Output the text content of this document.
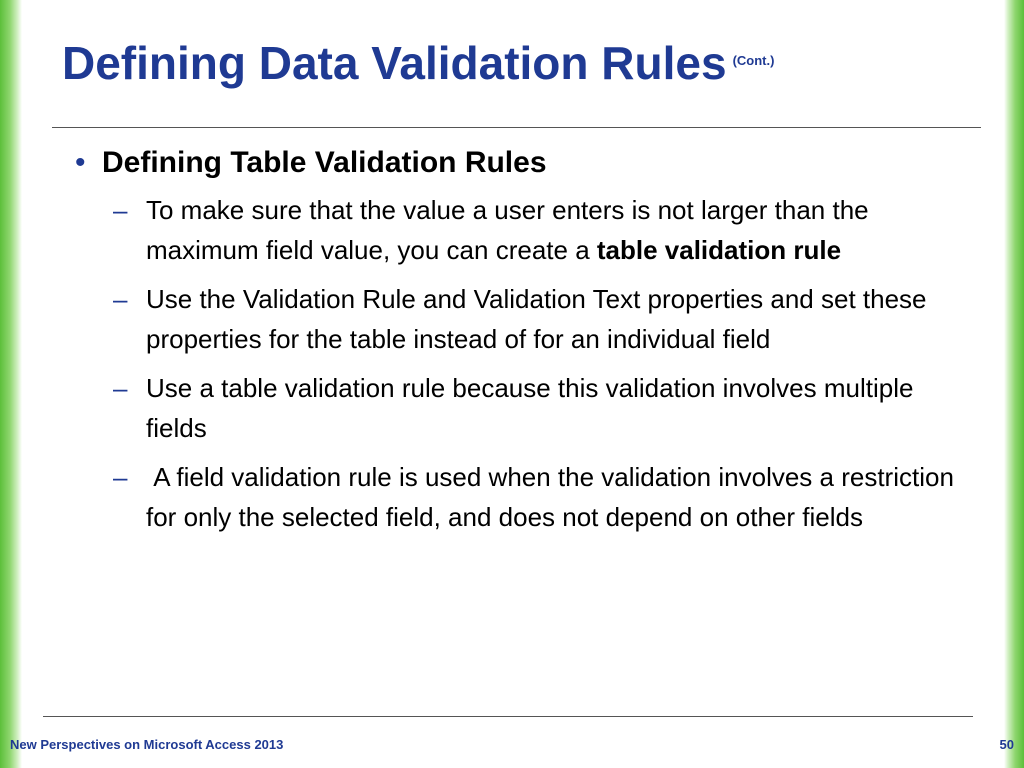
Defining Data Validation Rules $^{(Cont.)}$
• Defining Table Validation Rules
– To make sure that the value a user enters is not larger than the maximum field value, you can create a table validation rule
– Use the Validation Rule and Validation Text properties and set these properties for the table instead of for an individual field
– Use a table validation rule because this validation involves multiple fields
– A field validation rule is used when the validation involves a restriction for only the selected field, and does not depend on other fields
New Perspectives on Microsoft Access 2013	50
